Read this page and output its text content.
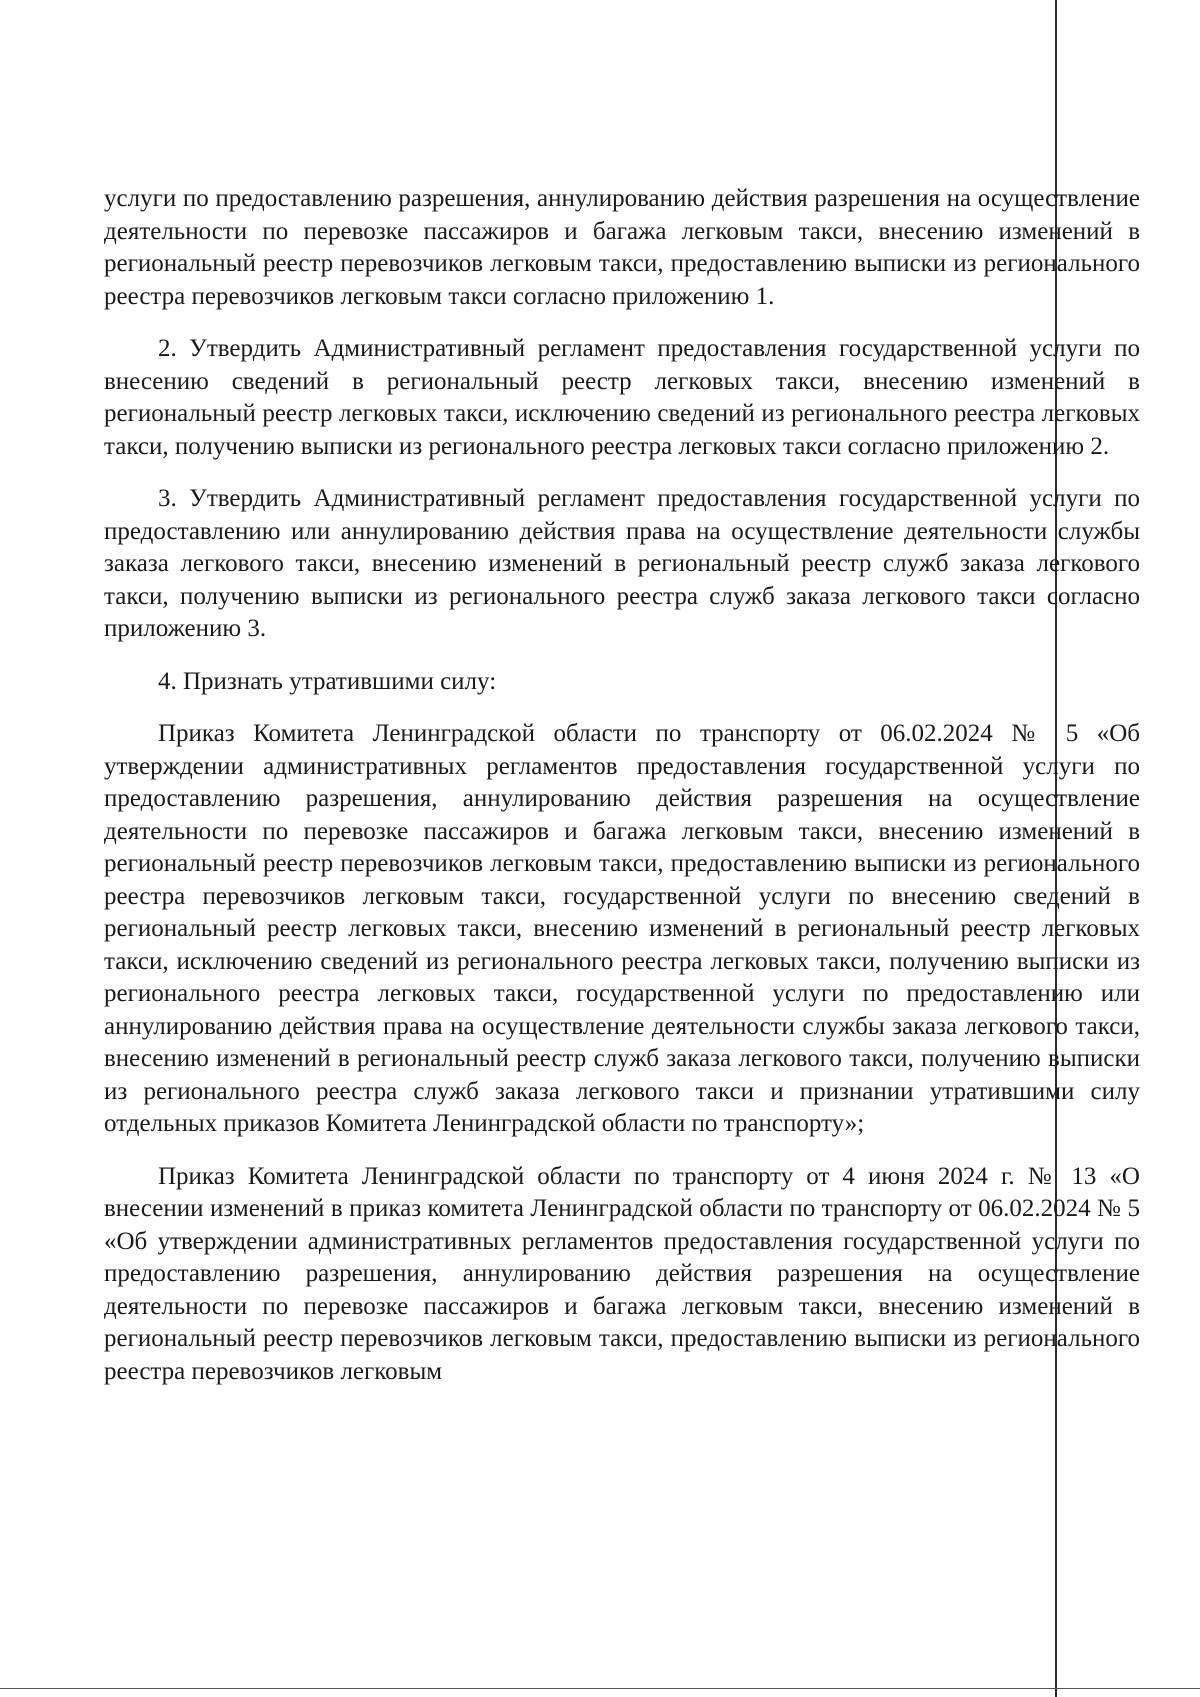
услуги по предоставлению разрешения, аннулированию действия разрешения на осуществление деятельности по перевозке пассажиров и багажа легковым такси, внесению изменений в региональный реестр перевозчиков легковым такси, предоставлению выписки из регионального реестра перевозчиков легковым такси согласно приложению 1.

2. Утвердить Административный регламент предоставления государственной услуги по внесению сведений в региональный реестр легковых такси, внесению изменений в региональный реестр легковых такси, исключению сведений из регионального реестра легковых такси, получению выписки из регионального реестра легковых такси согласно приложению 2.

3. Утвердить Административный регламент предоставления государственной услуги по предоставлению или аннулированию действия права на осуществление деятельности службы заказа легкового такси, внесению изменений в региональный реестр служб заказа легкового такси, получению выписки из регионального реестра служб заказа легкового такси согласно приложению 3.

4. Признать утратившими силу:

Приказ Комитета Ленинградской области по транспорту от 06.02.2024 № 5 «Об утверждении административных регламентов предоставления государственной услуги по предоставлению разрешения, аннулированию действия разрешения на осуществление деятельности по перевозке пассажиров и багажа легковым такси, внесению изменений в региональный реестр перевозчиков легковым такси, предоставлению выписки из регионального реестра перевозчиков легковым такси, государственной услуги по внесению сведений в региональный реестр легковых такси, внесению изменений в региональный реестр легковых такси, исключению сведений из регионального реестра легковых такси, получению выписки из регионального реестра легковых такси, государственной услуги по предоставлению или аннулированию действия права на осуществление деятельности службы заказа легкового такси, внесению изменений в региональный реестр служб заказа легкового такси, получению выписки из регионального реестра служб заказа легкового такси и признании утратившими силу отдельных приказов Комитета Ленинградской области по транспорту»;

Приказ Комитета Ленинградской области по транспорту от 4 июня 2024 г. № 13 «О внесении изменений в приказ комитета Ленинградской области по транспорту от 06.02.2024 № 5 «Об утверждении административных регламентов предоставления государственной услуги по предоставлению разрешения, аннулированию действия разрешения на осуществление деятельности по перевозке пассажиров и багажа легковым такси, внесению изменений в региональный реестр перевозчиков легковым такси, предоставлению выписки из регионального реестра перевозчиков легковым
